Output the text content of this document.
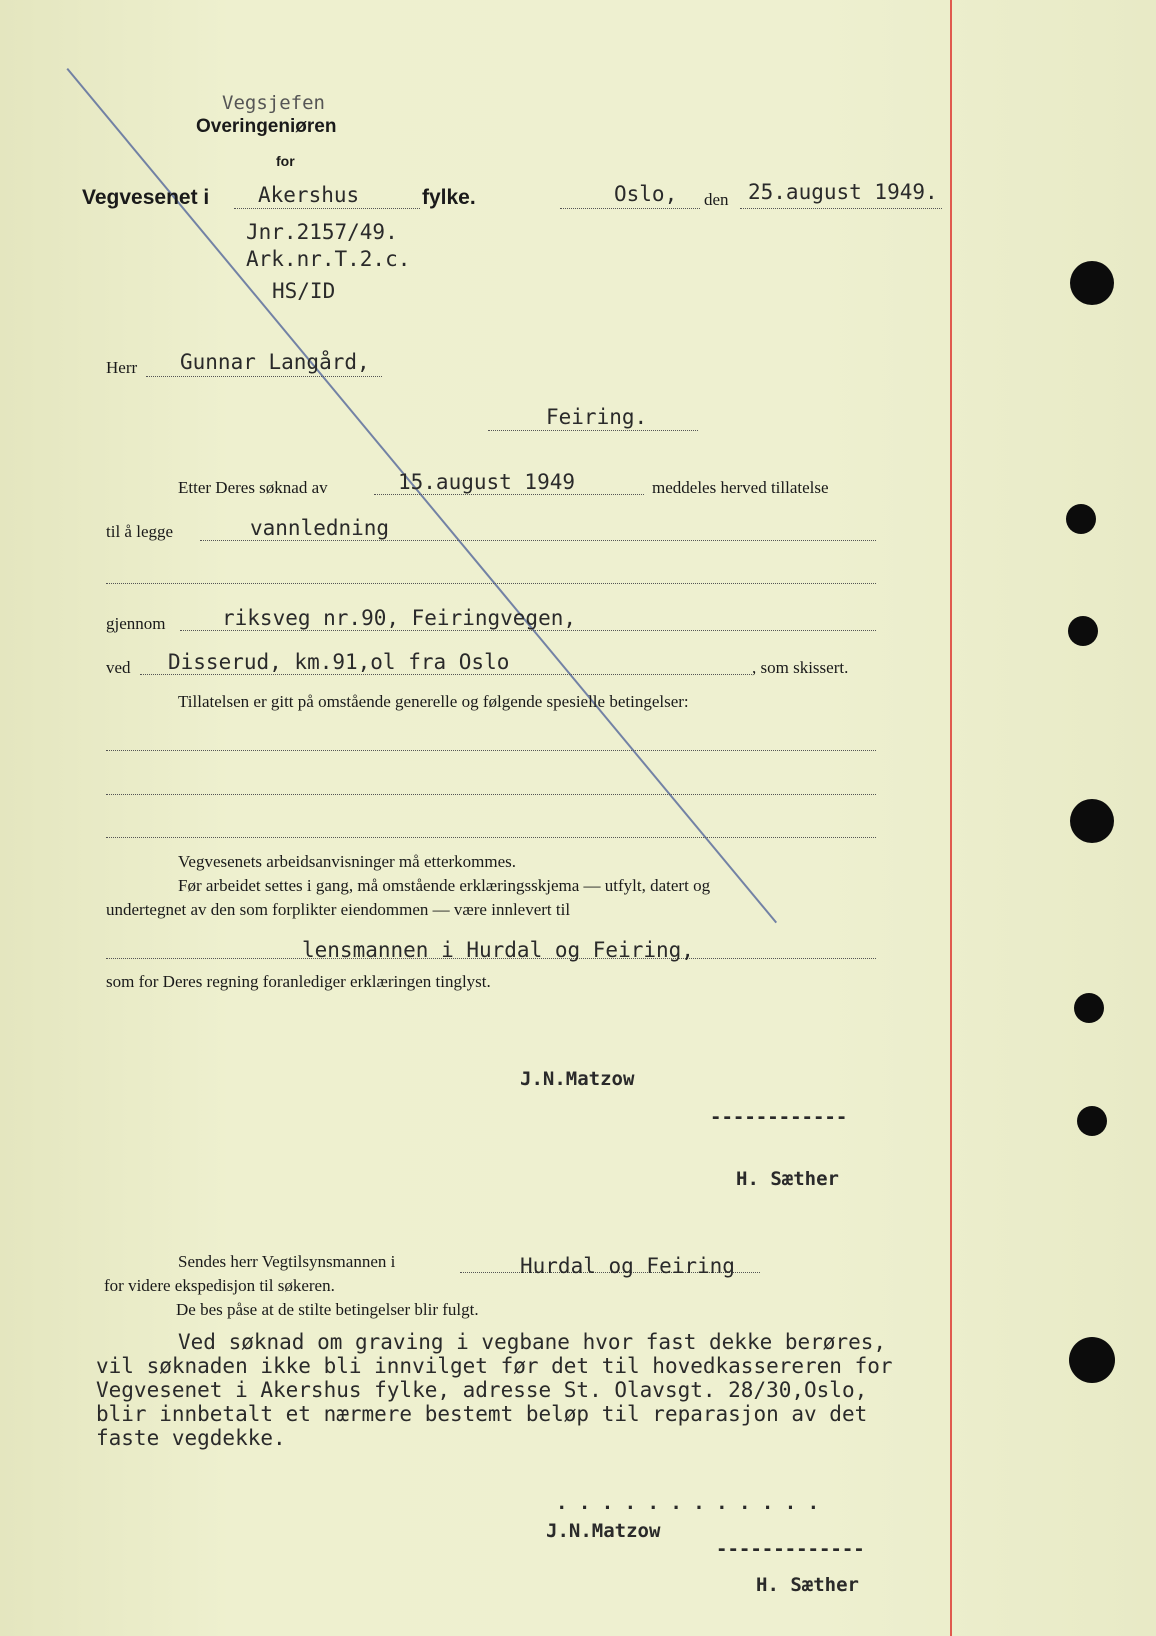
Vegsjefen
Overingeniøren
for
Vegvesenet i Akershus	fylke.	Oslo, den 25.august 1949.
Jnr.2157/49.
Ark.nr.T.2.c.
HS/ID
Herr Gunnar Langård,
Feiring.
Etter Deres søknad av	15.august 1949	meddeles herved tillatelse
til å legge	vannledning
gjennom	riksveg nr.90, Feiringvegen,
ved Disserud, km.91,ol fra Oslo	, som skissert.
Tillatelsen er gitt på omstående generelle og følgende spesielle betingelser:
Vegvesenets arbeidsanvisninger må etterkommes.
Før arbeidet settes i gang, må omstående erklæringsskjema — utfylt, datert og
undertegnet av den som forplikter eiendommen — være innlevert til
lensmannen i Hurdal og Feiring,
som for Deres regning foranlediger erklæringen tinglyst.
J.N.Matzow
------------
H. Sæther
Sendes herr Vegtilsynsmannen i	Hurdal og Feiring
for videre ekspedisjon til søkeren.
De bes påse at de stilte betingelser blir fulgt.
Ved søknad om graving i vegbane hvor fast dekke berøres,
vil søknaden ikke bli innvilget før det til hovedkassereren for
Vegvesenet i Akershus fylke, adresse St. Olavsgt. 28/30,Oslo,
blir innbetalt et nærmere bestemt beløp til reparasjon av det
faste vegdekke.
. . . . . . . . . . . .
J.N.Matzow
-------------
H. Sæther
